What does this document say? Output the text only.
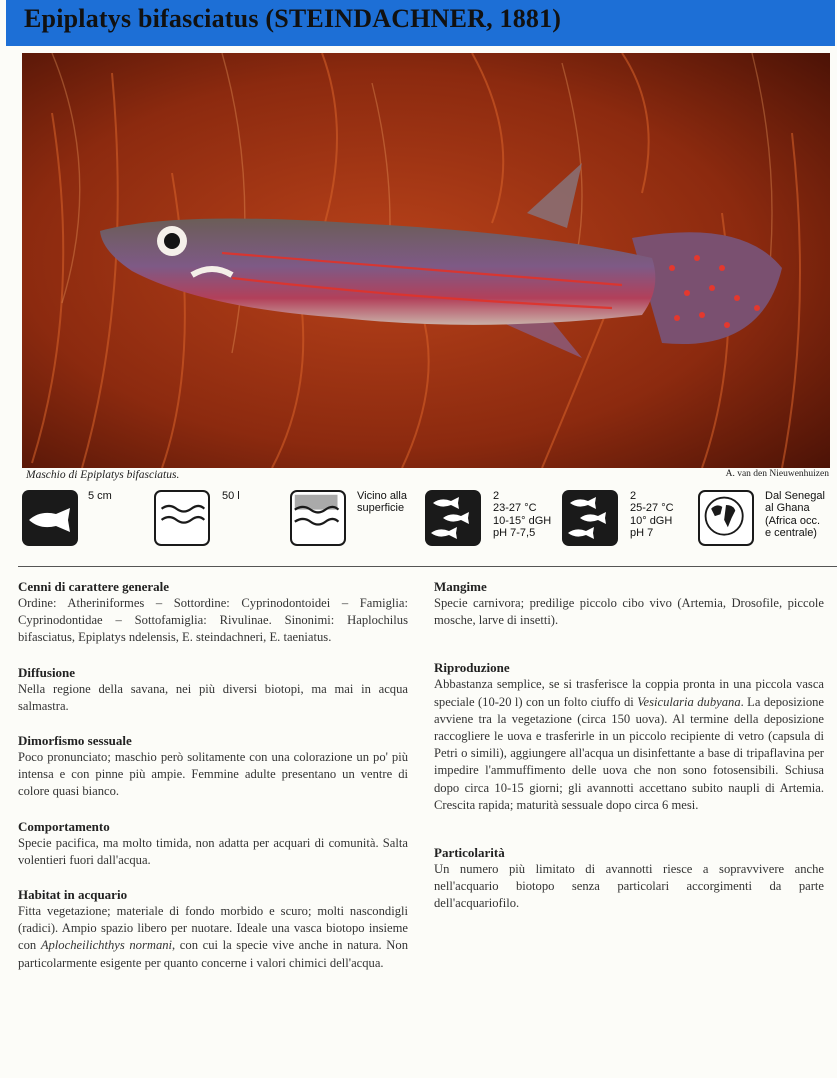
Epiplatys bifasciatus (STEINDACHNER, 1881)
Maschio di Epiplatys bifasciatus.	A. van den Nieuwenhuizen
5 cm	50 l	Vicino alla
superficie
2
23-27 °C
10-15° dGH
pH 7-7,5
2
25-27 °C
10° dGH
pH 7
Dal Senegal
al Ghana
(Africa occ.
e centrale)
Cenni di carattere generale

Ordine: Atheriniformes – Sottordine: Cyprinodontoidei – Famiglia: Cyprinodontidae – Sottofamiglia: Rivulinae. Sinonimi: Haplochilus bifasciatus, Epiplatys ndelensis, E. steindachneri, E. taeniatus.

Diffusione

Nella regione della savana, nei più diversi biotopi, ma mai in acqua salmastra.

Dimorfismo sessuale

Poco pronunciato; maschio però solitamente con una colorazione un po' più intensa e con pinne più ampie. Femmine adulte presentano un ventre di colore quasi bianco.

Comportamento

Specie pacifica, ma molto timida, non adatta per acquari di comunità. Salta volentieri fuori dall'acqua.

Habitat in acquario

Fitta vegetazione; materiale di fondo morbido e scuro; molti nascondigli (radici). Ampio spazio libero per nuotare. Ideale una vasca biotopo insieme con Aplocheilichthys normani, con cui la specie vive anche in natura. Non particolarmente esigente per quanto concerne i valori chimici dell'acqua.

Mangime

Specie carnivora; predilige piccolo cibo vivo (Artemia, Drosofile, piccole mosche, larve di insetti).

Riproduzione

Abbastanza semplice, se si trasferisce la coppia pronta in una piccola vasca speciale (10-20 l) con un folto ciuffo di Vesicularia dubyana. La deposizione avviene tra la vegetazione (circa 150 uova). Al termine della deposizione raccogliere le uova e trasferirle in un piccolo recipiente di vetro (capsula di Petri o simili), aggiungere all'acqua un disinfettante a base di tripaflavina per impedire l'ammuffimento delle uova che non sono fotosensibili. Schiusa dopo circa 10-15 giorni; gli avannotti accettano subito naupli di Artemia. Crescita rapida; maturità sessuale dopo circa 6 mesi.

Particolarità

Un numero più limitato di avannotti riesce a sopravvivere anche nell'acquario biotopo senza particolari accorgimenti da parte dell'acquariofilo.
